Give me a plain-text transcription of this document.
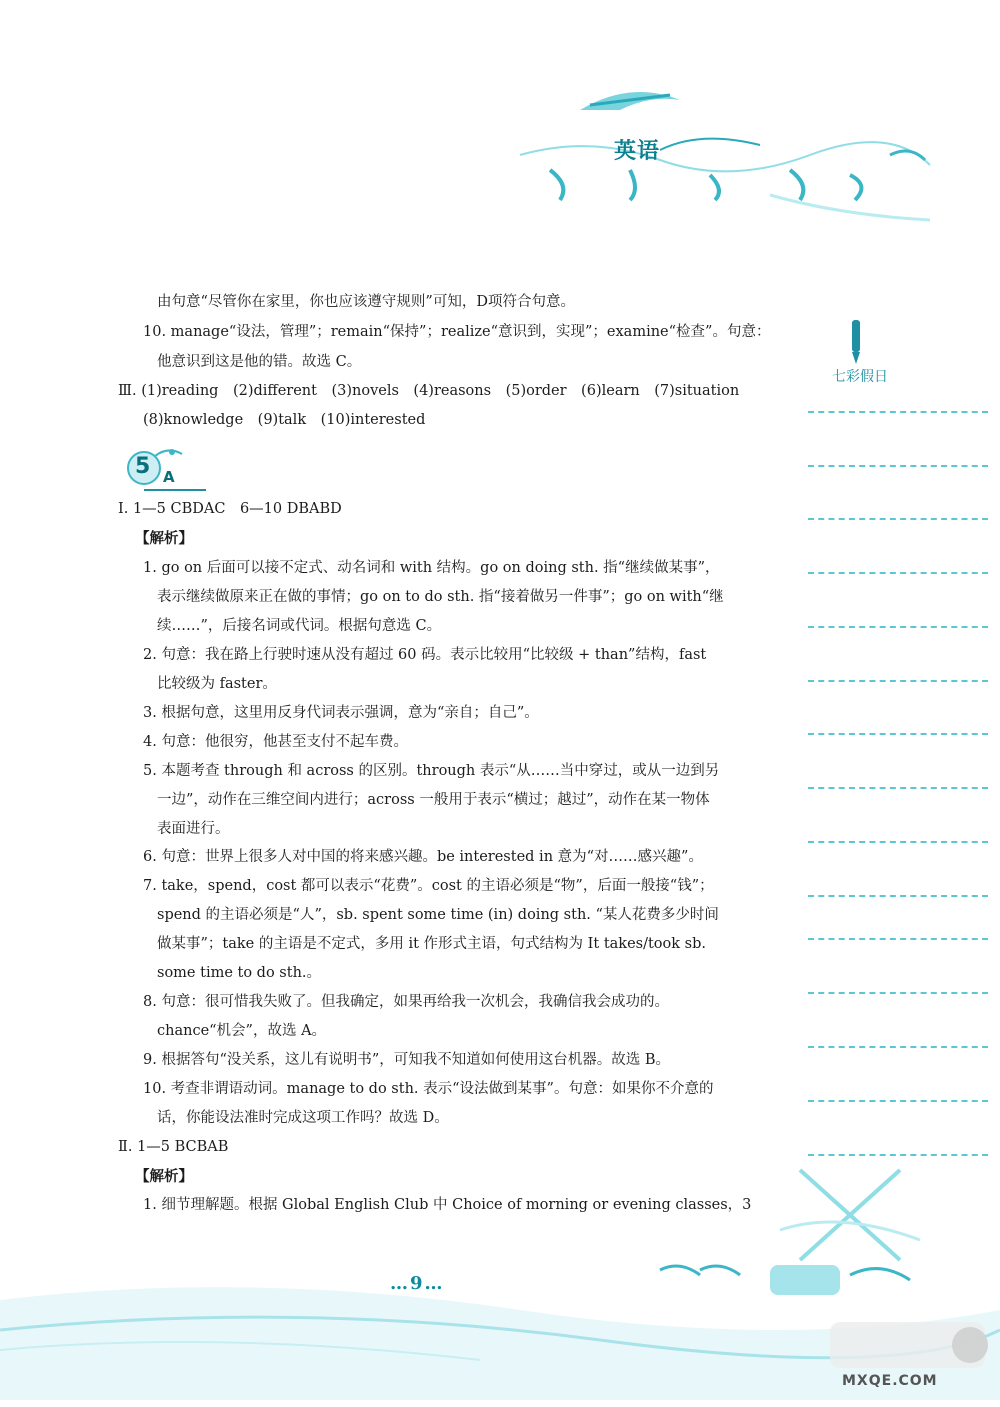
英语
七彩假日
5 A
由句意“尽管你在家里，你也应该遵守规则”可知，D项符合句意。
10. manage“设法，管理”；remain“保持”；realize“意识到，实现”；examine“检查”。句意：
他意识到这是他的错。故选 C。
Ⅲ. (1)reading　(2)different　(3)novels　(4)reasons　(5)order　(6)learn　(7)situation
(8)knowledge　(9)talk　(10)interested
Ⅰ. 1—5 CBDAC　6—10 DBABD
【解析】
1. go on 后面可以接不定式、动名词和 with 结构。go on doing sth. 指“继续做某事”，
表示继续做原来正在做的事情；go on to do sth. 指“接着做另一件事”；go on with“继
续……”，后接名词或代词。根据句意选 C。
2. 句意：我在路上行驶时速从没有超过 60 码。表示比较用“比较级 + than”结构，fast
比较级为 faster。
3. 根据句意，这里用反身代词表示强调，意为“亲自；自己”。
4. 句意：他很穷，他甚至支付不起车费。
5. 本题考查 through 和 across 的区别。through 表示“从……当中穿过，或从一边到另
一边”，动作在三维空间内进行；across 一般用于表示“横过；越过”，动作在某一物体
表面进行。
6. 句意：世界上很多人对中国的将来感兴趣。be interested in 意为“对……感兴趣”。
7. take，spend，cost 都可以表示“花费”。cost 的主语必须是“物”，后面一般接“钱”；
spend 的主语必须是“人”，sb. spent some time (in) doing sth. “某人花费多少时间
做某事”；take 的主语是不定式，多用 it 作形式主语，句式结构为 It takes/took sb.
some time to do sth.。
8. 句意：很可惜我失败了。但我确定，如果再给我一次机会，我确信我会成功的。
chance“机会”，故选 A。
9. 根据答句“没关系，这儿有说明书”，可知我不知道如何使用这台机器。故选 B。
10. 考查非谓语动词。manage to do sth. 表示“设法做到某事”。句意：如果你不介意的
话，你能设法准时完成这项工作吗？故选 D。
Ⅱ. 1—5 BCBAB
【解析】
1. 细节理解题。根据 Global English Club 中 Choice of morning or evening classes，3
…9…
MXQE.COM
